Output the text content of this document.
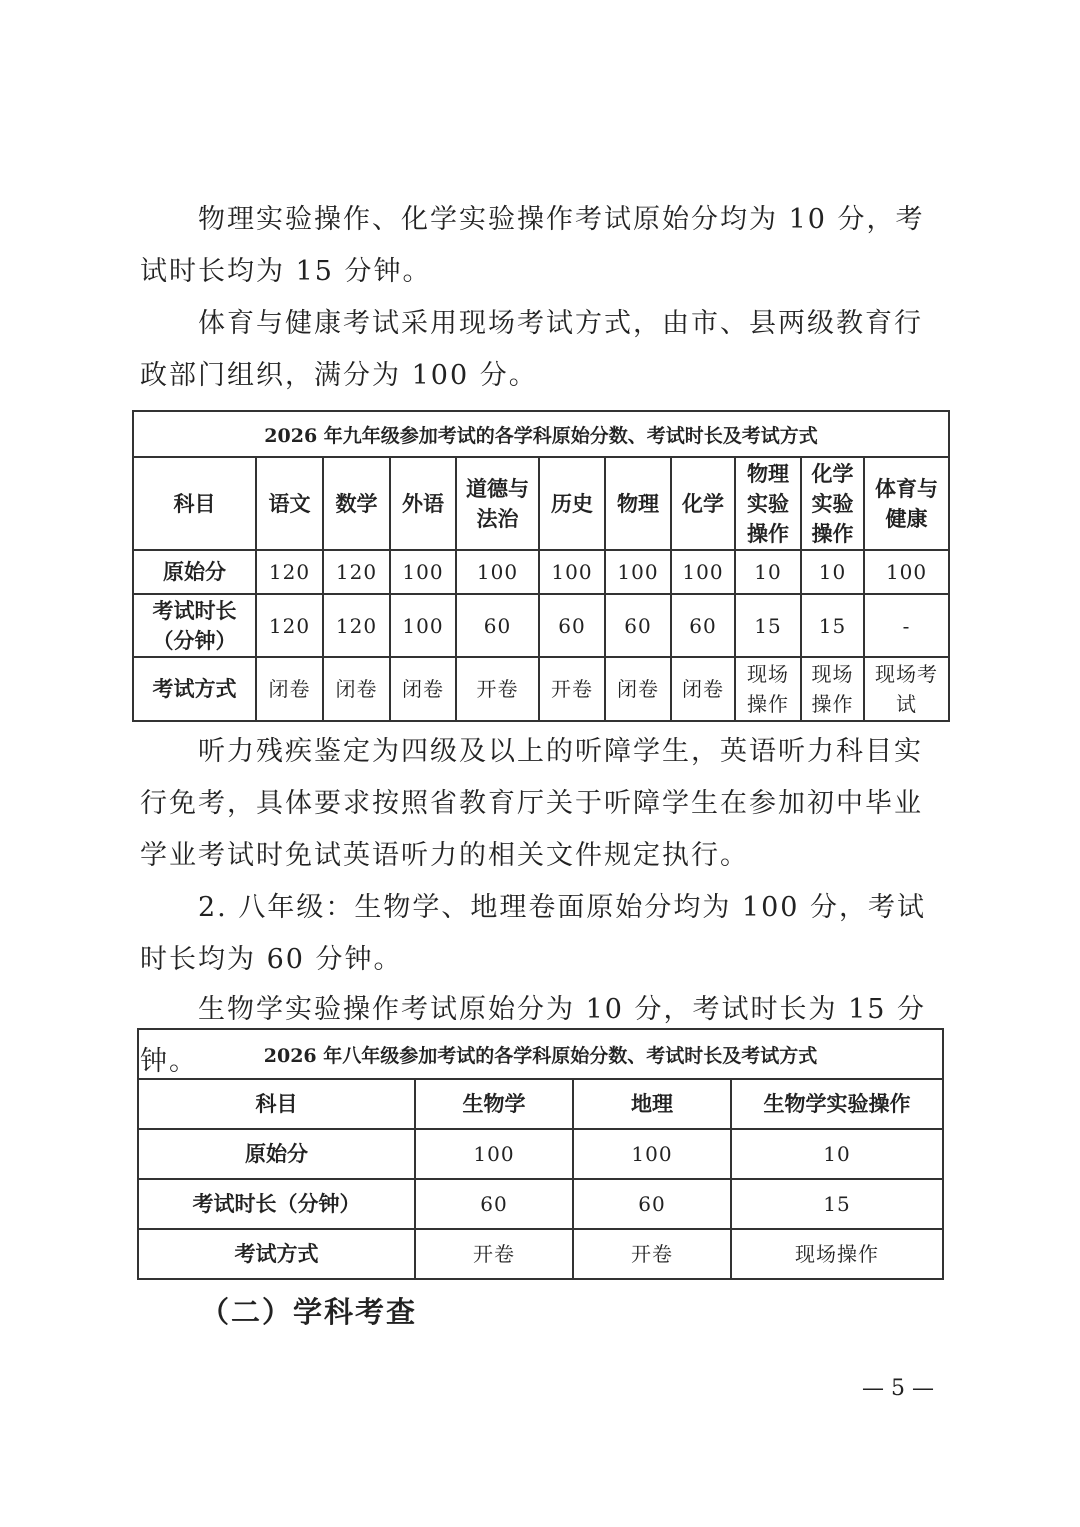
物理实验操作、化学实验操作考试原始分均为 10 分，考试时长均为 15 分钟。

体育与健康考试采用现场考试方式，由市、县两级教育行政部门组织，满分为 100 分。

2026 年九年级参加考试的各学科原始分数、考试时长及考试方式										
科目	语文	数学	外语	道德与法治	历史	物理	化学	物理实验操作	化学实验操作	体育与健康
原始分	120	120	100	100	100	100	100	10	10	100
考试时长（分钟）	120	120	100	60	60	60	60	15	15	-
考试方式	闭卷	闭卷	闭卷	开卷	开卷	闭卷	闭卷	现场操作	现场操作	现场考试

听力残疾鉴定为四级及以上的听障学生，英语听力科目实行免考，具体要求按照省教育厅关于听障学生在参加初中毕业学业考试时免试英语听力的相关文件规定执行。

2. 八年级：生物学、地理卷面原始分均为 100 分，考试时长均为 60 分钟。

生物学实验操作考试原始分为 10 分，考试时长为 15 分钟。	2026 年八年级参加考试的各学科原始分数、考试时长及考试方式			
科目	生物学	地理	生物学实验操作
原始分	100	100	10
考试时长（分钟）	60	60	15
考试方式	开卷	开卷	现场操作
（二）学科考查
— 5 —
